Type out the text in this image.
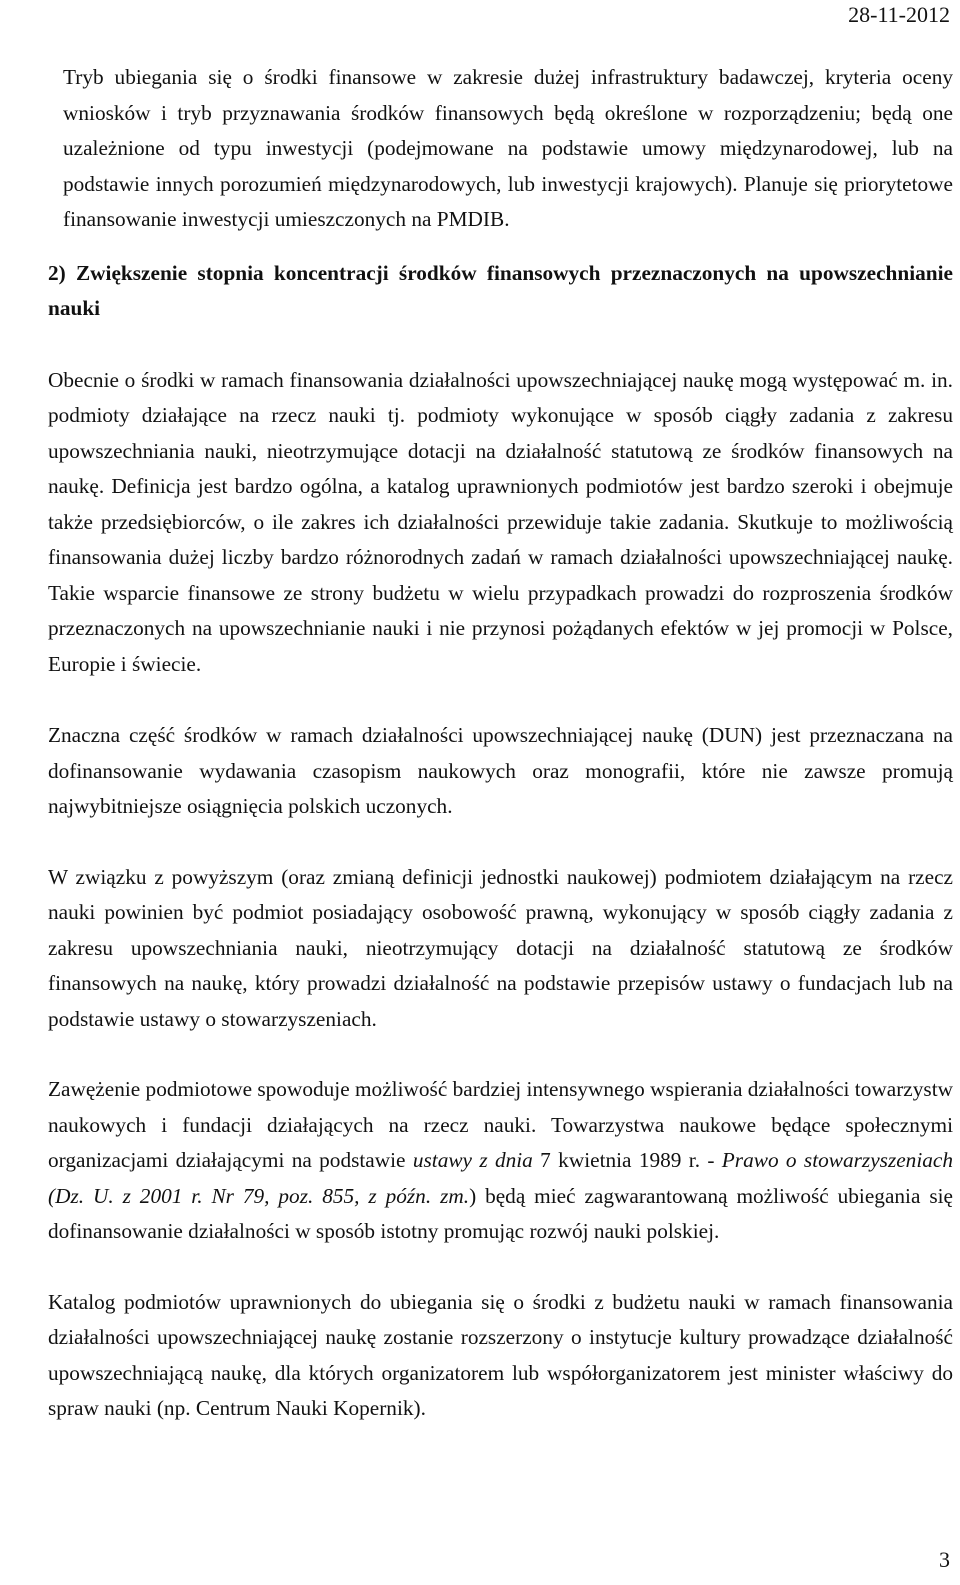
28-11-2012

Tryb ubiegania się o środki finansowe w zakresie dużej infrastruktury badawczej, kryteria oceny wniosków i tryb przyznawania środków finansowych będą określone w rozporządzeniu; będą one uzależnione od typu inwestycji (podejmowane na podstawie umowy międzynarodowej, lub na podstawie innych porozumień międzynarodowych, lub inwestycji krajowych). Planuje się priorytetowe finansowanie inwestycji umieszczonych na PMDIB.

2) Zwiększenie stopnia koncentracji środków finansowych przeznaczonych na upowszechnianie nauki

Obecnie o środki w ramach finansowania działalności upowszechniającej naukę mogą występować m. in. podmioty działające na rzecz nauki tj. podmioty wykonujące w sposób ciągły zadania z zakresu upowszechniania nauki, nieotrzymujące dotacji na działalność statutową ze środków finansowych na naukę. Definicja jest bardzo ogólna, a katalog uprawnionych podmiotów jest bardzo szeroki i obejmuje także przedsiębiorców, o ile zakres ich działalności przewiduje takie zadania. Skutkuje to możliwością finansowania dużej liczby bardzo różnorodnych zadań w ramach działalności upowszechniającej naukę. Takie wsparcie finansowe ze strony budżetu w wielu przypadkach prowadzi do rozproszenia środków przeznaczonych na upowszechnianie nauki i nie przynosi pożądanych efektów w jej promocji w Polsce, Europie i świecie.

Znaczna część środków w ramach działalności upowszechniającej naukę (DUN) jest przeznaczana na dofinansowanie wydawania czasopism naukowych oraz monografii, które nie zawsze promują najwybitniejsze osiągnięcia polskich uczonych.

W związku z powyższym (oraz zmianą definicji jednostki naukowej) podmiotem działającym na rzecz nauki powinien być podmiot posiadający osobowość prawną, wykonujący w sposób ciągły zadania z zakresu upowszechniania nauki, nieotrzymujący dotacji na działalność statutową ze środków finansowych na naukę, który prowadzi działalność na podstawie przepisów ustawy o fundacjach lub na podstawie ustawy o stowarzyszeniach.

Zawężenie podmiotowe spowoduje możliwość bardziej intensywnego wspierania działalności towarzystw naukowych i fundacji działających na rzecz nauki. Towarzystwa naukowe będące społecznymi organizacjami działającymi na podstawie ustawy z dnia 7 kwietnia 1989 r. - Prawo o stowarzyszeniach (Dz. U. z 2001 r. Nr 79, poz. 855, z późn. zm.) będą mieć zagwarantowaną możliwość ubiegania się dofinansowanie działalności w sposób istotny promując rozwój nauki polskiej.

Katalog podmiotów uprawnionych do ubiegania się o środki z budżetu nauki w ramach finansowania działalności upowszechniającej naukę zostanie rozszerzony o instytucje kultury prowadzące działalność upowszechniającą naukę, dla których organizatorem lub współorganizatorem jest minister właściwy do spraw nauki (np. Centrum Nauki Kopernik).

3
